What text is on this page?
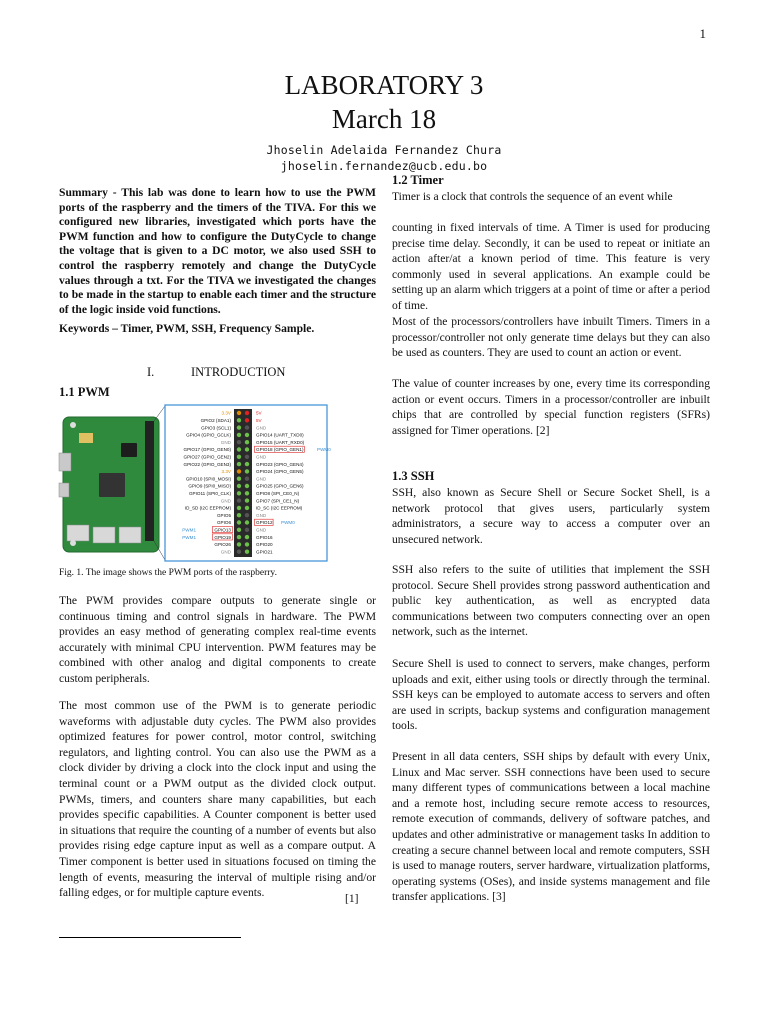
1
LABORATORY 3
March 18
Jhoselin Adelaida Fernandez Chura
jhoselin.fernandez@ucb.edu.bo
Summary - This lab was done to learn how to use the PWM ports of the raspberry and the timers of the TIVA. For this we configured new libraries, investigated which ports have the PWM function and how to configure the DutyCycle to change the voltage that is given to a DC motor, we also used SSH to control the raspberry remotely and change the DutyCycle values through a txt. For the TIVA we investigated the changes to be made in the startup to enable each timer and the structure of the logic inside void functions.
Keywords – Timer, PWM, SSH, Frequency Sample.
I.	INTRODUCTION
1.1 PWM
3.3V
GPIO2 (SDA1)
GPIO3 (SCL1)
GPIO4 (GPIO_GCLK)
GND
GPIO17 (GPIO_GEN0)
GPIO27 (GPIO_GEN2)
GPIO22 (GPIO_GEN3)
3.3V
GPIO10 (SPI0_MOSI)
GPIO9 (SPI0_MISO)
GPIO11 (SPI0_CLK)
GND
ID_SD (I2C EEPROM)
GPIO5
GPIO6
GPIO13
GPIO19
GPIO26
GND
5V
5V
GND
GPIO14 (UART_TXD0)
GPIO15 (UART_RXD0)
GPIO18 (GPIO_GEN1)
GND
GPIO23 (GPIO_GEN4)
GPIO24 (GPIO_GEN5)
GND
GPIO25 (GPIO_GEN6)
GPIO8 (SPI_CE0_N)
GPIO7 (SPI_CE1_N)
ID_SC (I2C EEPROM)
GND
GPIO12
GND
GPIO16
GPIO20
GPIO21
PWM0
PWM0
PWM1
PWM1
Fig. 1. The image shows the PWM ports of the raspberry.
The PWM provides compare outputs to generate single or continuous timing and control signals in hardware. The PWM provides an easy method of generating complex real-time events accurately with minimal CPU intervention. PWM features may be combined with other analog and digital components to create custom peripherals.
The most common use of the PWM is to generate periodic waveforms with adjustable duty cycles. The PWM also provides optimized features for power control, motor control, switching regulators, and lighting control. You can also use the PWM as a clock divider by driving a clock into the clock input and using the terminal count or a PWM output as the divided clock output. PWMs, timers, and counters share many capabilities, but each provides specific capabilities. A Counter component is better used in situations that require the counting of a number of events but also provides rising edge capture input as well as a compare output. A Timer component is better used in situations focused on timing the length of events, measuring the interval of multiple rising and/or falling edges, or for multiple capture events.	[1]
1.2 Timer
Timer is a clock that controls the sequence of an event while
counting in fixed intervals of time. A Timer is used for producing precise time delay. Secondly, it can be used to repeat or initiate an action after/at a known period of time. This feature is very commonly used in several applications. An example could be setting up an alarm which triggers at a point of time or after a period of time.
Most of the processors/controllers have inbuilt Timers. Timers in a processor/controller not only generate time delays but they can also be used as counters. They are used to count an action or event.
The value of counter increases by one, every time its corresponding action or event occurs. Timers in a processor/controller are inbuilt chips that are controlled by special function registers (SFRs) assigned for Timer operations. [2]
1.3 SSH
SSH, also known as Secure Shell or Secure Socket Shell, is a network protocol that gives users, particularly system administrators, a secure way to access a computer over an unsecured network.
SSH also refers to the suite of utilities that implement the SSH protocol. Secure Shell provides strong password authentication and public key authentication, as well as encrypted data communications between two computers connecting over an open network, such as the internet.
Secure Shell is used to connect to servers, make changes, perform uploads and exit, either using tools or directly through the terminal. SSH keys can be employed to automate access to servers and often are used in scripts, backup systems and configuration management tools.
Present in all data centers, SSH ships by default with every Unix, Linux and Mac server. SSH connections have been used to secure many different types of communications between a local machine and a remote host, including secure remote access to resources, remote execution of commands, delivery of software patches, and updates and other administrative or management tasks In addition to creating a secure channel between local and remote computers, SSH is used to manage routers, server hardware, virtualization platforms, operating systems (OSes), and inside systems management and file transfer applications. [3]
